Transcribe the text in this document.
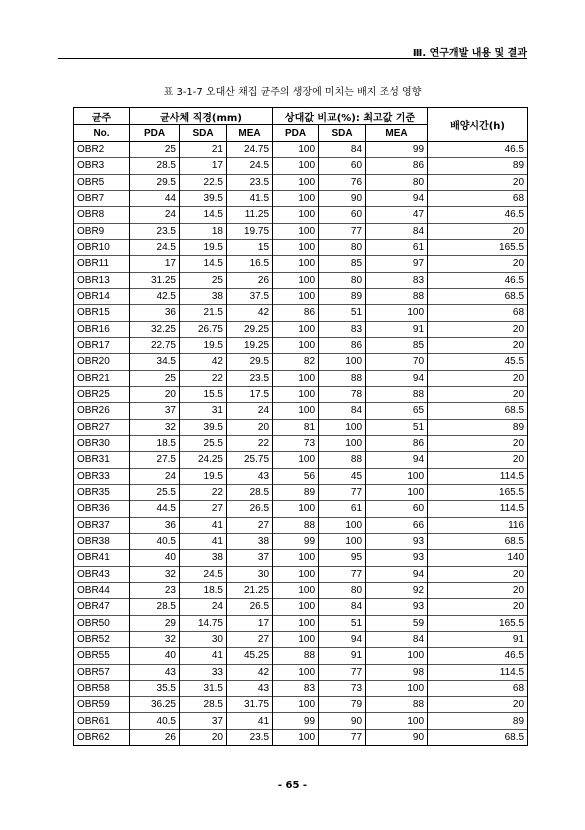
Ⅲ. 연구개발 내용 및 결과
표 3-1-7 오대산 채집 균주의 생장에 미치는 배지 조성 영향
균주	균사체 직경(mm)			상대값 비교(%): 최고값 기준			배양시간(h)
No.	PDA	SDA	MEA	PDA	SDA	MEA	
OBR2	25	21	24.75	100	84	99	46.5
OBR3	28.5	17	24.5	100	60	86	89
OBR5	29.5	22.5	23.5	100	76	80	20
OBR7	44	39.5	41.5	100	90	94	68
OBR8	24	14.5	11.25	100	60	47	46.5
OBR9	23.5	18	19.75	100	77	84	20
OBR10	24.5	19.5	15	100	80	61	165.5
OBR11	17	14.5	16.5	100	85	97	20
OBR13	31.25	25	26	100	80	83	46.5
OBR14	42.5	38	37.5	100	89	88	68.5
OBR15	36	21.5	42	86	51	100	68
OBR16	32.25	26.75	29.25	100	83	91	20
OBR17	22.75	19.5	19.25	100	86	85	20
OBR20	34.5	42	29.5	82	100	70	45.5
OBR21	25	22	23.5	100	88	94	20
OBR25	20	15.5	17.5	100	78	88	20
OBR26	37	31	24	100	84	65	68.5
OBR27	32	39.5	20	81	100	51	89
OBR30	18.5	25.5	22	73	100	86	20
OBR31	27.5	24.25	25.75	100	88	94	20
OBR33	24	19.5	43	56	45	100	114.5
OBR35	25.5	22	28.5	89	77	100	165.5
OBR36	44.5	27	26.5	100	61	60	114.5
OBR37	36	41	27	88	100	66	116
OBR38	40.5	41	38	99	100	93	68.5
OBR41	40	38	37	100	95	93	140
OBR43	32	24.5	30	100	77	94	20
OBR44	23	18.5	21.25	100	80	92	20
OBR47	28.5	24	26.5	100	84	93	20
OBR50	29	14.75	17	100	51	59	165.5
OBR52	32	30	27	100	94	84	91
OBR55	40	41	45.25	88	91	100	46.5
OBR57	43	33	42	100	77	98	114.5
OBR58	35.5	31.5	43	83	73	100	68
OBR59	36.25	28.5	31.75	100	79	88	20
OBR61	40.5	37	41	99	90	100	89
OBR62	26	20	23.5	100	77	90	68.5
- 65 -
